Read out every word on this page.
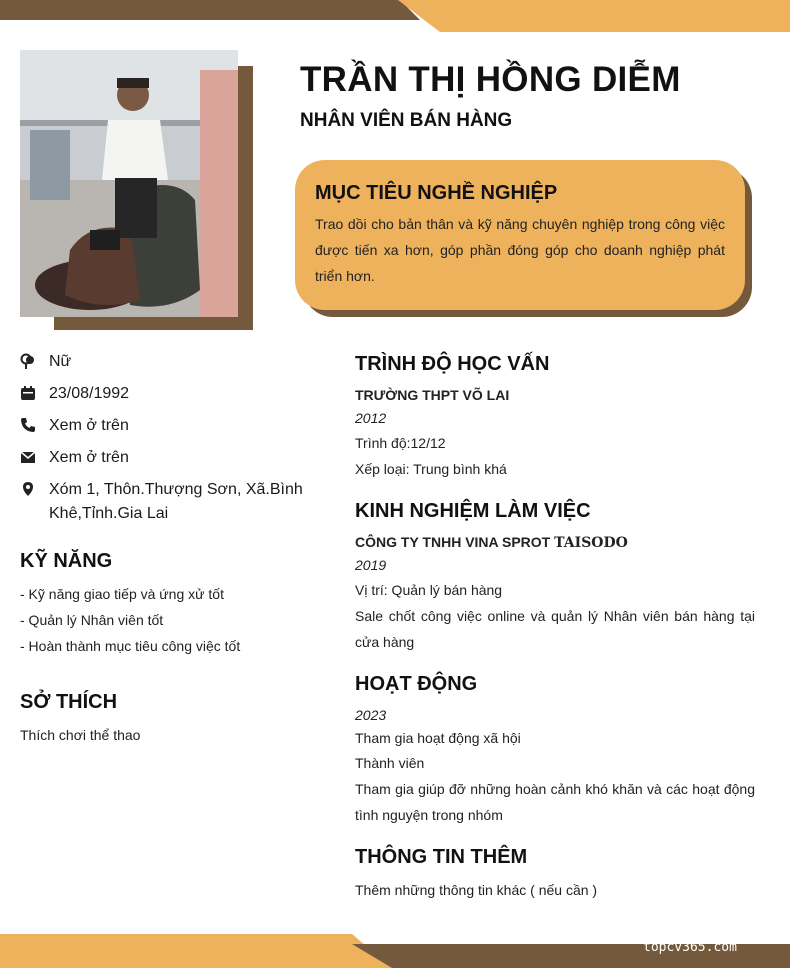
TRẦN THỊ HỒNG DIỄM
NHÂN VIÊN BÁN HÀNG
MỤC TIÊU NGHỀ NGHIỆP
Trao dồi cho bản thân và kỹ năng chuyên nghiệp trong công việc được tiến xa hơn, góp phần đóng góp cho doanh nghiệp phát triển hơn.
Nữ
23/08/1992
Xem ở trên
Xem ở trên
Xóm 1, Thôn.Thượng Sơn, Xã.Bình Khê,Tỉnh.Gia Lai
KỸ NĂNG
- Kỹ năng giao tiếp và ứng xử tốt
- Quản lý Nhân viên tốt
- Hoàn thành mục tiêu công việc tốt
SỞ THÍCH
Thích chơi thể thao
TRÌNH ĐỘ HỌC VẤN
TRƯỜNG THPT VÕ LAI
2012
Trình độ:12/12
Xếp loại: Trung bình khá
KINH NGHIỆM LÀM VIỆC
CÔNG TY TNHH VINA SPROT TAISODO
2019
Vị trí: Quản lý bán hàng
Sale chốt công việc online và quản lý Nhân viên bán hàng tại cửa hàng
HOẠT ĐỘNG
2023
Tham gia hoạt động xã hội
Thành viên
Tham gia giúp đỡ những hoàn cảnh khó khăn và các hoạt động tình nguyện trong nhóm
THÔNG TIN THÊM
Thêm những thông tin khác ( nếu cần )
topcv365.com
